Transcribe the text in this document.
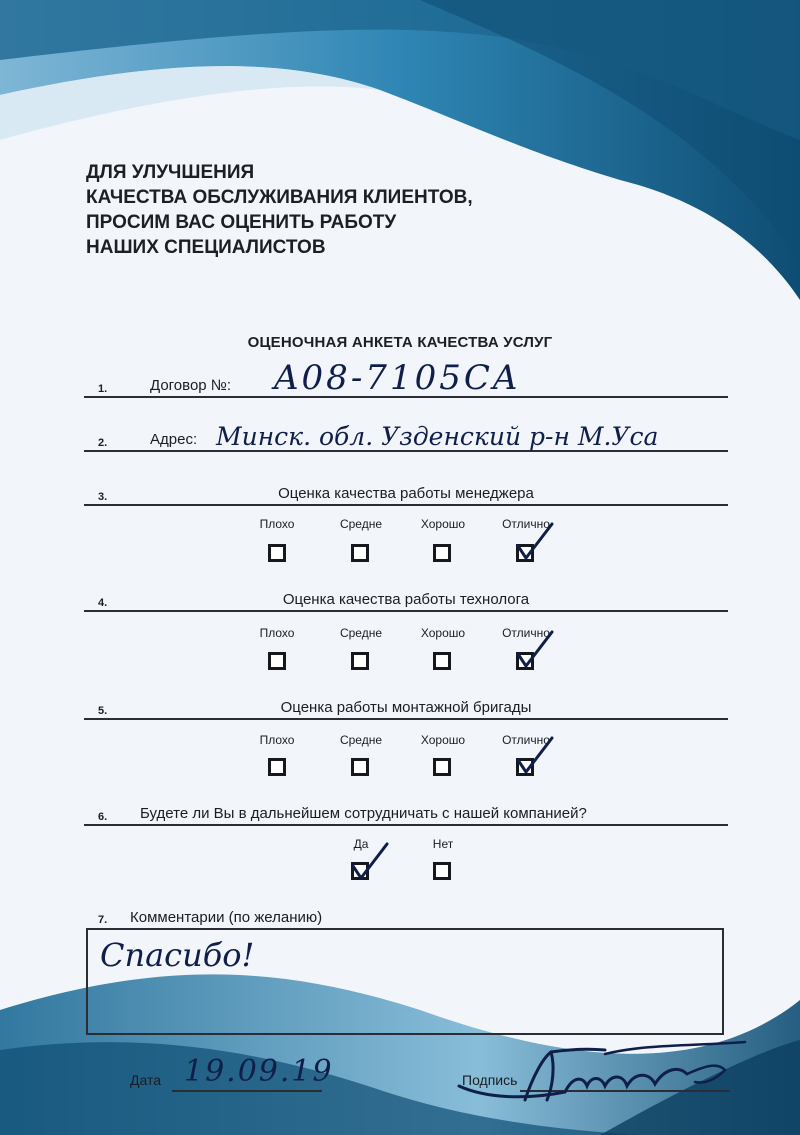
ДЛЯ УЛУЧШЕНИЯ
КАЧЕСТВА ОБСЛУЖИВАНИЯ КЛИЕНТОВ,
ПРОСИМ ВАС ОЦЕНИТЬ РАБОТУ
НАШИХ СПЕЦИАЛИСТОВ
ОЦЕНОЧНАЯ АНКЕТА КАЧЕСТВА УСЛУГ
1.	Договор №: A08-7105CA
2.	Адрес: Минск. обл. Узденский р-н М.Уса
3.	Оценка качества работы менеджера
Плохо	Средне	Хорошо	Отлично
4.	Оценка качества работы технолога
Плохо	Средне	Хорошо	Отлично
5.	Оценка работы монтажной бригады
Плохо	Средне	Хорошо	Отлично
6. Будете ли Вы в дальнейшем сотрудничать с нашей компанией?
Да	Нет
7. Комментарии (по желанию)
Спасибо!
Дата 19.09.19	Подпись
